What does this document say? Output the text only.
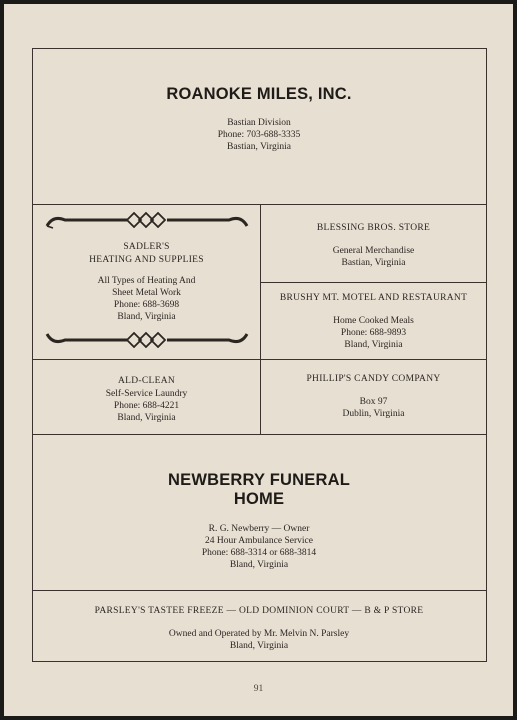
ROANOKE MILES, INC.
Bastian Division
Phone: 703-688-3335
Bastian, Virginia
SADLER'S
HEATING AND SUPPLIES
All Types of Heating And
Sheet Metal Work
Phone: 688-3698
Bland, Virginia
BLESSING BROS. STORE
General Merchandise
Bastian, Virginia
BRUSHY MT. MOTEL AND RESTAURANT
Home Cooked Meals
Phone: 688-9893
Bland, Virginia
ALD-CLEAN
Self-Service Laundry
Phone: 688-4221
Bland, Virginia
PHILLIP'S CANDY COMPANY
Box 97
Dublin, Virginia
NEWBERRY FUNERAL
HOME
R. G. Newberry — Owner
24 Hour Ambulance Service
Phone: 688-3314 or 688-3814
Bland, Virginia
PARSLEY'S TASTEE FREEZE — OLD DOMINION COURT — B & P STORE
Owned and Operated by Mr. Melvin N. Parsley
Bland, Virginia
91
